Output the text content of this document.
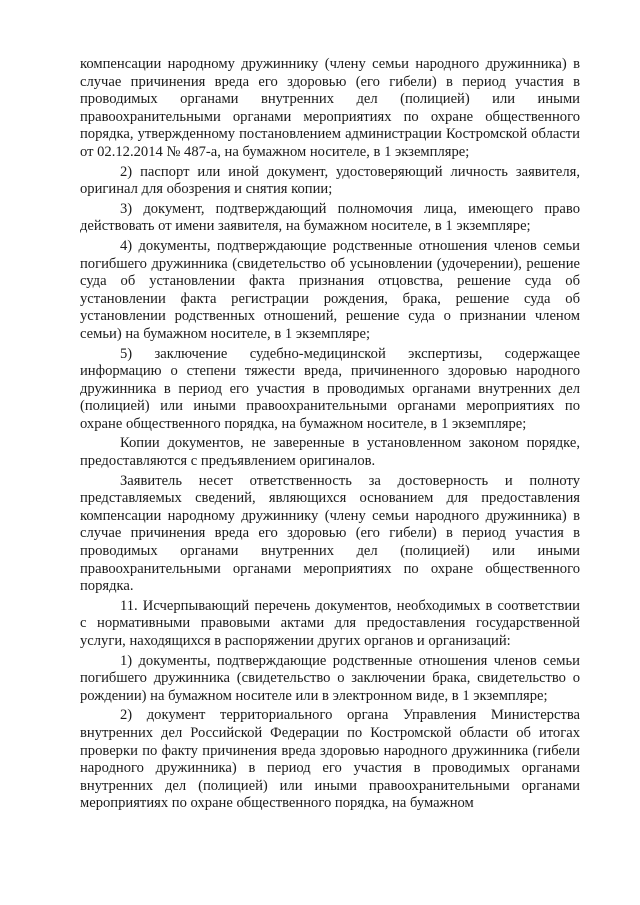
компенсации народному дружиннику (члену семьи народного дружинника) в случае причинения вреда его здоровью (его гибели) в период участия в проводимых органами внутренних дел (полицией) или иными правоохранительными органами мероприятиях по охране общественного порядка, утвержденному постановлением администрации Костромской области от 02.12.2014 № 487-а, на бумажном носителе, в 1 экземпляре;

2) паспорт или иной документ, удостоверяющий личность заявителя, оригинал для обозрения и снятия копии;

3) документ, подтверждающий полномочия лица, имеющего право действовать от имени заявителя, на бумажном носителе, в 1 экземпляре;

4) документы, подтверждающие родственные отношения членов семьи погибшего дружинника (свидетельство об усыновлении (удочерении), решение суда об установлении факта признания отцовства, решение суда об установлении факта регистрации рождения, брака, решение суда об установлении родственных отношений, решение суда о признании членом семьи) на бумажном носителе, в 1 экземпляре;

5) заключение судебно-медицинской экспертизы, содержащее информацию о степени тяжести вреда, причиненного здоровью народного дружинника в период его участия в проводимых органами внутренних дел (полицией) или иными правоохранительными органами мероприятиях по охране общественного порядка, на бумажном носителе, в 1 экземпляре;

Копии документов, не заверенные в установленном законом порядке, предоставляются с предъявлением оригиналов.

Заявитель несет ответственность за достоверность и полноту представляемых сведений, являющихся основанием для предоставления компенсации народному дружиннику (члену семьи народного дружинника) в случае причинения вреда его здоровью (его гибели) в период участия в проводимых органами внутренних дел (полицией) или иными правоохранительными органами мероприятиях по охране общественного порядка.

11. Исчерпывающий перечень документов, необходимых в соответствии с нормативными правовыми актами для предоставления государственной услуги, находящихся в распоряжении других органов и организаций:

1) документы, подтверждающие родственные отношения членов семьи погибшего дружинника (свидетельство о заключении брака, свидетельство о рождении) на бумажном носителе или в электронном виде, в 1 экземпляре;

2) документ территориального органа Управления Министерства внутренних дел Российской Федерации по Костромской области об итогах проверки по факту причинения вреда здоровью народного дружинника (гибели народного дружинника) в период его участия в проводимых органами внутренних дел (полицией) или иными правоохранительными органами мероприятиях по охране общественного порядка, на бумажном
